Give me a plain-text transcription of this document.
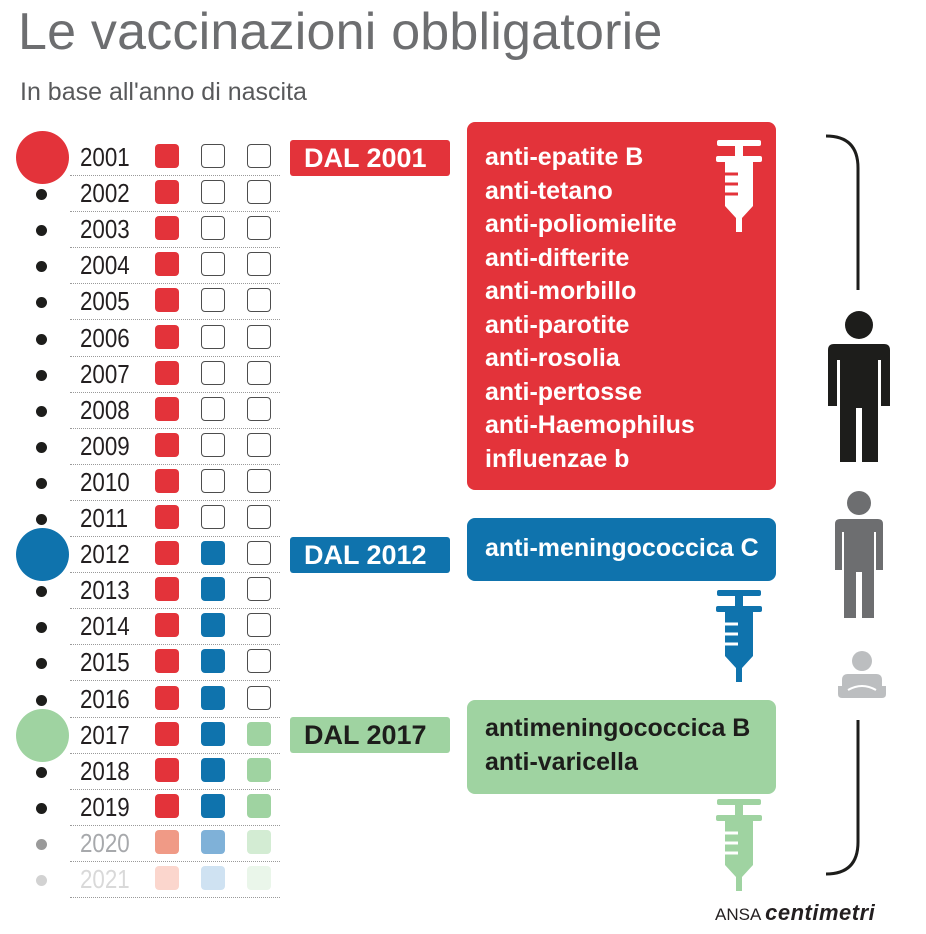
Le vaccinazioni obbligatorie
In base all'anno di nascita
2001
2002
2003
2004
2005
2006
2007
2008
2009
2010
2011
2012
2013
2014
2015
2016
2017
2018
2019
2020
2021
DAL 2001
DAL 2012
DAL 2017
anti-epatite B
anti-tetano
anti-poliomielite
anti-difterite
anti-morbillo
anti-parotite
anti-rosolia
anti-pertosse
anti-Haemophilus
influenzae b
anti-meningococcica C
antimeningococcica B
anti-varicella
ANSA centimetri
